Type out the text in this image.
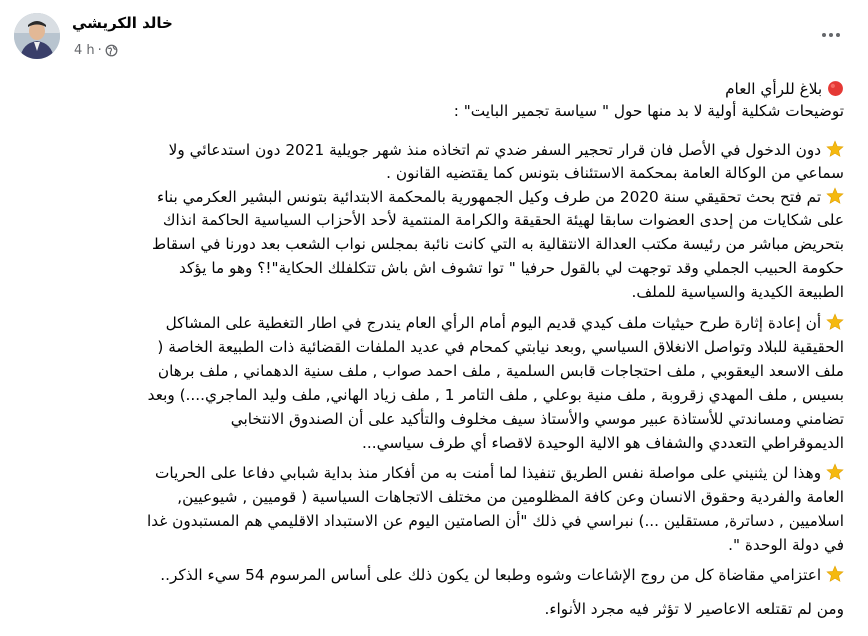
خالد الكريشي
4 h ·
بلاغ للرأي العام
توضيحات شكلية أولية لا بد منها حول " سياسة تجمير البايت" :
دون الدخول في الأصل فان قرار تحجير السفر ضدي تم اتخاذه منذ شهر جويلية 2021 دون استدعائي ولا
سماعي من الوكالة العامة بمحكمة الاستئناف بتونس كما يقتضيه القانون .
تم فتح بحث تحقيقي سنة 2020 من طرف وكيل الجمهورية بالمحكمة الابتدائية بتونس البشير العكرمي بناء
على شكايات من إحدى العضوات سابقا لهيئة الحقيقة والكرامة المنتمية لأحد الأحزاب السياسية الحاكمة انذاك
بتحريض مباشر من رئيسة مكتب العدالة الانتقالية به التي كانت نائبة بمجلس نواب الشعب بعد دورنا في اسقاط
حكومة الحبيب الجملي وقد توجهت لي بالقول حرفيا " توا تشوف اش باش تتكلفلك الحكاية"!؟ وهو ما يؤكد
الطبيعة الكيدية والسياسية للملف.
أن إعادة إثارة طرح حيثيات ملف كيدي قديم اليوم أمام الرأي العام يندرج في اطار التغطية على المشاكل
الحقيقية للبلاد وتواصل الانغلاق السياسي ,وبعد نيابتي كمحام في عديد الملفات القضائية ذات الطبيعة الخاصة (
ملف الاسعد اليعقوبي , ملف احتجاجات قابس السلمية , ملف احمد صواب , ملف سنية الدهماني , ملف برهان
بسيس , ملف المهدي زقروبة , ملف منية بوعلي , ملف التامر 1 , ملف زياد الهاني, ملف وليد الماجري....) وبعد
تضامني ومساندتي للأستاذة عبير موسي والأستاذ سيف مخلوف والتأكيد على أن الصندوق الانتخابي
الديموقراطي التعددي والشفاف هو الالية الوحيدة لاقصاء أي طرف سياسي...
وهذا لن يثنيني على مواصلة نفس الطريق تنفيذا لما أمنت به من أفكار منذ بداية شبابي دفاعا على الحريات
العامة والفردية وحقوق الانسان وعن كافة المظلومين من مختلف الاتجاهات السياسية ( قوميين , شيوعيين,
اسلاميين , دساترة, مستقلين ...) نبراسي في ذلك "أن الصامتين اليوم عن الاستبداد الاقليمي هم المستبدون غدا
في دولة الوحدة ".
اعتزامي مقاضاة كل من روج الإشاعات وشوه وطبعا لن يكون ذلك على أساس المرسوم 54 سيء الذكر..
ومن لم تقتلعه الاعاصير لا تؤثر فيه مجرد الأنواء.
